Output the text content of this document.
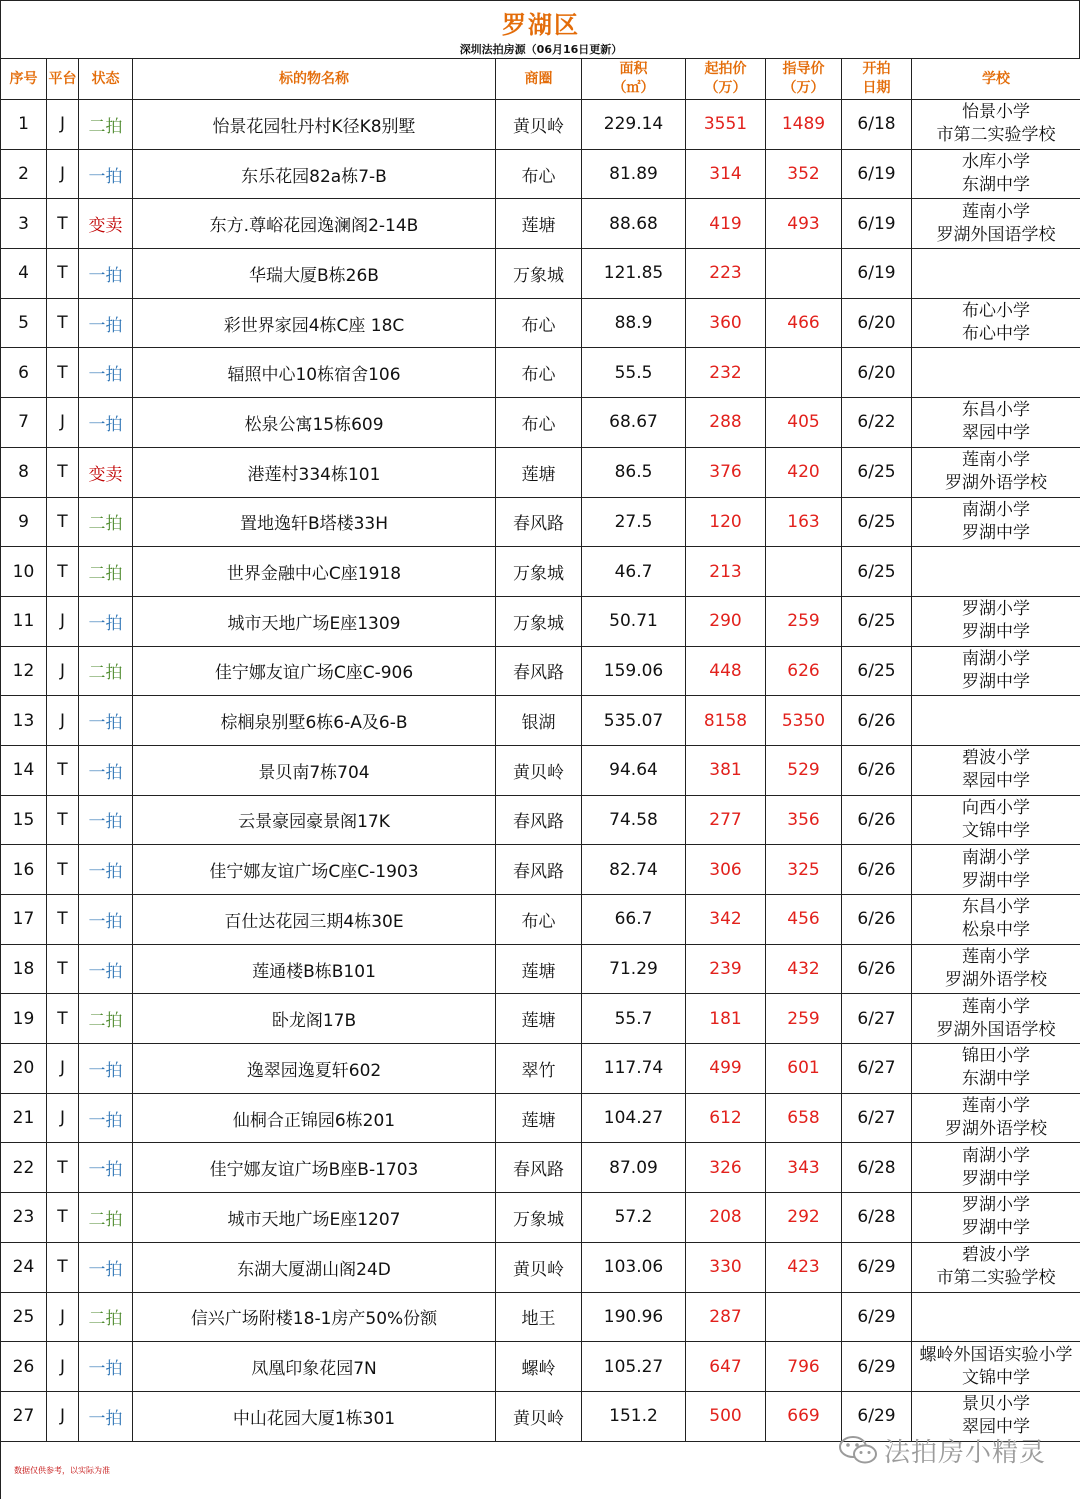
罗湖区
深圳法拍房源（06月16日更新）
序号	平台	状态	标的物名称	商圈	面积
（㎡）	起拍价
（万）	指导价
（万）	开拍
日期	学校
1	J	二拍	怡景花园牡丹村K径K8别墅	黄贝岭	229.14	3551	1489	6/18	怡景小学
市第二实验学校

2	J	一拍	东乐花园82a栋7-B	布心	81.89	314	352	6/19	水库小学
东湖中学

3	T	变卖	东方.尊峪花园逸澜阁2-14B	莲塘	88.68	419	493	6/19	莲南小学
罗湖外国语学校

4	T	一拍	华瑞大厦B栋26B	万象城	121.85	223		6/19	

5	T	一拍	彩世界家园4栋C座 18C	布心	88.9	360	466	6/20	布心小学
布心中学

6	T	一拍	辐照中心10栋宿舍106	布心	55.5	232		6/20	

7	J	一拍	松泉公寓15栋609	布心	68.67	288	405	6/22	东昌小学
翠园中学

8	T	变卖	港莲村334栋101	莲塘	86.5	376	420	6/25	莲南小学
罗湖外语学校

9	T	二拍	置地逸轩B塔楼33H	春风路	27.5	120	163	6/25	南湖小学
罗湖中学

10	T	二拍	世界金融中心C座1918	万象城	46.7	213		6/25	

11	J	一拍	城市天地广场E座1309	万象城	50.71	290	259	6/25	罗湖小学
罗湖中学

12	J	二拍	佳宁娜友谊广场C座C-906	春风路	159.06	448	626	6/25	南湖小学
罗湖中学

13	J	一拍	棕榈泉别墅6栋6-A及6-B	银湖	535.07	8158	5350	6/26	

14	T	一拍	景贝南7栋704	黄贝岭	94.64	381	529	6/26	碧波小学
翠园中学

15	T	一拍	云景豪园豪景阁17K	春风路	74.58	277	356	6/26	向西小学
文锦中学

16	T	一拍	佳宁娜友谊广场C座C-1903	春风路	82.74	306	325	6/26	南湖小学
罗湖中学

17	T	一拍	百仕达花园三期4栋30E	布心	66.7	342	456	6/26	东昌小学
松泉中学

18	T	一拍	莲通楼B栋B101	莲塘	71.29	239	432	6/26	莲南小学
罗湖外语学校

19	T	二拍	卧龙阁17B	莲塘	55.7	181	259	6/27	莲南小学
罗湖外国语学校

20	J	一拍	逸翠园逸夏轩602	翠竹	117.74	499	601	6/27	锦田小学
东湖中学

21	J	一拍	仙桐合正锦园6栋201	莲塘	104.27	612	658	6/27	莲南小学
罗湖外语学校

22	T	一拍	佳宁娜友谊广场B座B-1703	春风路	87.09	326	343	6/28	南湖小学
罗湖中学

23	T	二拍	城市天地广场E座1207	万象城	57.2	208	292	6/28	罗湖小学
罗湖中学

24	T	一拍	东湖大厦湖山阁24D	黄贝岭	103.06	330	423	6/29	碧波小学
市第二实验学校

25	J	二拍	信兴广场附楼18-1房产50%份额	地王	190.96	287		6/29	

26	J	一拍	凤凰印象花园7N	螺岭	105.27	647	796	6/29	螺岭外国语实验小学
文锦中学

27	J	一拍	中山花园大厦1栋301	黄贝岭	151.2	500	669	6/29	景贝小学
翠园中学
数据仅供参考，以实际为准
法拍房小精灵
